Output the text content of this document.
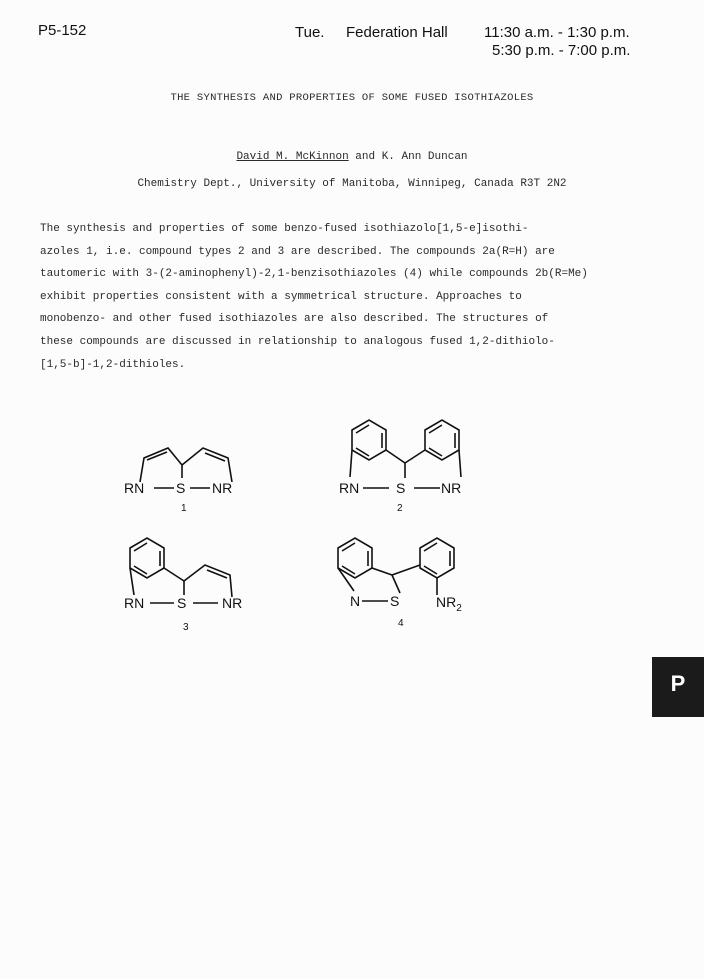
P5-152	Tue. Federation Hall 11:30 a.m. - 1:30 p.m.
5:30 p.m. - 7:00 p.m.
THE SYNTHESIS AND PROPERTIES OF SOME FUSED ISOTHIAZOLES
David M. McKinnon and K. Ann Duncan
Chemistry Dept., University of Manitoba, Winnipeg, Canada R3T 2N2
The synthesis and properties of some benzo-fused isothiazolo[1,5-e]isothi-
azoles 1, i.e. compound types 2 and 3 are described. The compounds 2a(R=H) are
tautomeric with 3-(2-aminophenyl)-2,1-benzisothiazoles (4) while compounds 2b(R=Me)
exhibit properties consistent with a symmetrical structure. Approaches to
monobenzo- and other fused isothiazoles are also described. The structures of
these compounds are discussed in relationship to analogous fused 1,2-dithiolo-
[1,5-b]-1,2-dithioles.
RN S NR
1
RN	S	NR
2
RN S	NR
3
N S	$NR_2$
4
P
